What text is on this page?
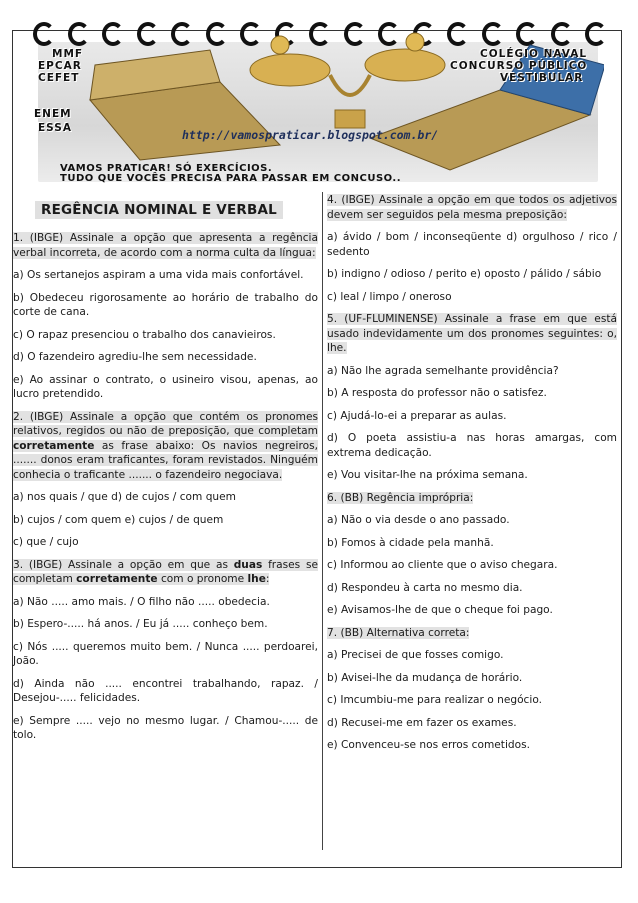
MMF
EPCAR
CEFET
ENEM
ESSA
COLÉGIO NAVAL
CONCURSO PÚBLICO
VESTIBULAR
http://vamospraticar.blogspot.com.br/
VAMOS PRATICAR! SÓ EXERCÍCIOS.
TUDO QUE VOCÊS PRECISA PARA PASSAR EM CONCUSO..
REGÊNCIA NOMINAL E VERBAL
1. (IBGE) Assinale a opção que apresenta a regência verbal incorreta, de acordo com a norma culta da língua:
a) Os sertanejos aspiram a uma vida mais confortável.
b) Obedeceu rigorosamente ao horário de trabalho do corte de cana.
c) O rapaz presenciou o trabalho dos canavieiros.
d) O fazendeiro agrediu-lhe sem necessidade.
e) Ao assinar o contrato, o usineiro visou, apenas, ao lucro pretendido.
2. (IBGE) Assinale a opção que contém os pronomes relativos, regidos ou não de preposição, que completam corretamente as frase abaixo: Os navios negreiros, ....... donos eram traficantes, foram revistados. Ninguém conhecia o traficante ....... o fazendeiro negociava.
a) nos quais / que d) de cujos / com quem
b) cujos / com quem e) cujos / de quem
c) que / cujo
3. (IBGE) Assinale a opção em que as duas frases se completam corretamente com o pronome lhe:
a) Não ..... amo mais. / O filho não ..... obedecia.
b) Espero-..... há anos. / Eu já ..... conheço bem.
c) Nós ..... queremos muito bem. / Nunca ..... perdoarei, João.
d) Ainda não ..... encontrei trabalhando, rapaz. / Desejou-..... felicidades.
e) Sempre ..... vejo no mesmo lugar. / Chamou-..... de tolo.
4. (IBGE) Assinale a opção em que todos os adjetivos devem ser seguidos pela mesma preposição:
a) ávido / bom / inconseqüente d) orgulhoso / rico / sedento
b) indigno / odioso / perito e) oposto / pálido / sábio
c) leal / limpo / oneroso
5. (UF-FLUMINENSE) Assinale a frase em que está usado indevidamente um dos pronomes seguintes: o, lhe.
a) Não lhe agrada semelhante providência?
b) A resposta do professor não o satisfez.
c) Ajudá-lo-ei a preparar as aulas.
d) O poeta assistiu-a nas horas amargas, com extrema dedicação.
e) Vou visitar-lhe na próxima semana.
6. (BB) Regência imprópria:
a) Não o via desde o ano passado.
b) Fomos à cidade pela manhã.
c) Informou ao cliente que o aviso chegara.
d) Respondeu à carta no mesmo dia.
e) Avisamos-lhe de que o cheque foi pago.
7. (BB) Alternativa correta:
a) Precisei de que fosses comigo.
b) Avisei-lhe da mudança de horário.
c) Imcumbiu-me para realizar o negócio.
d) Recusei-me em fazer os exames.
e) Convenceu-se nos erros cometidos.
